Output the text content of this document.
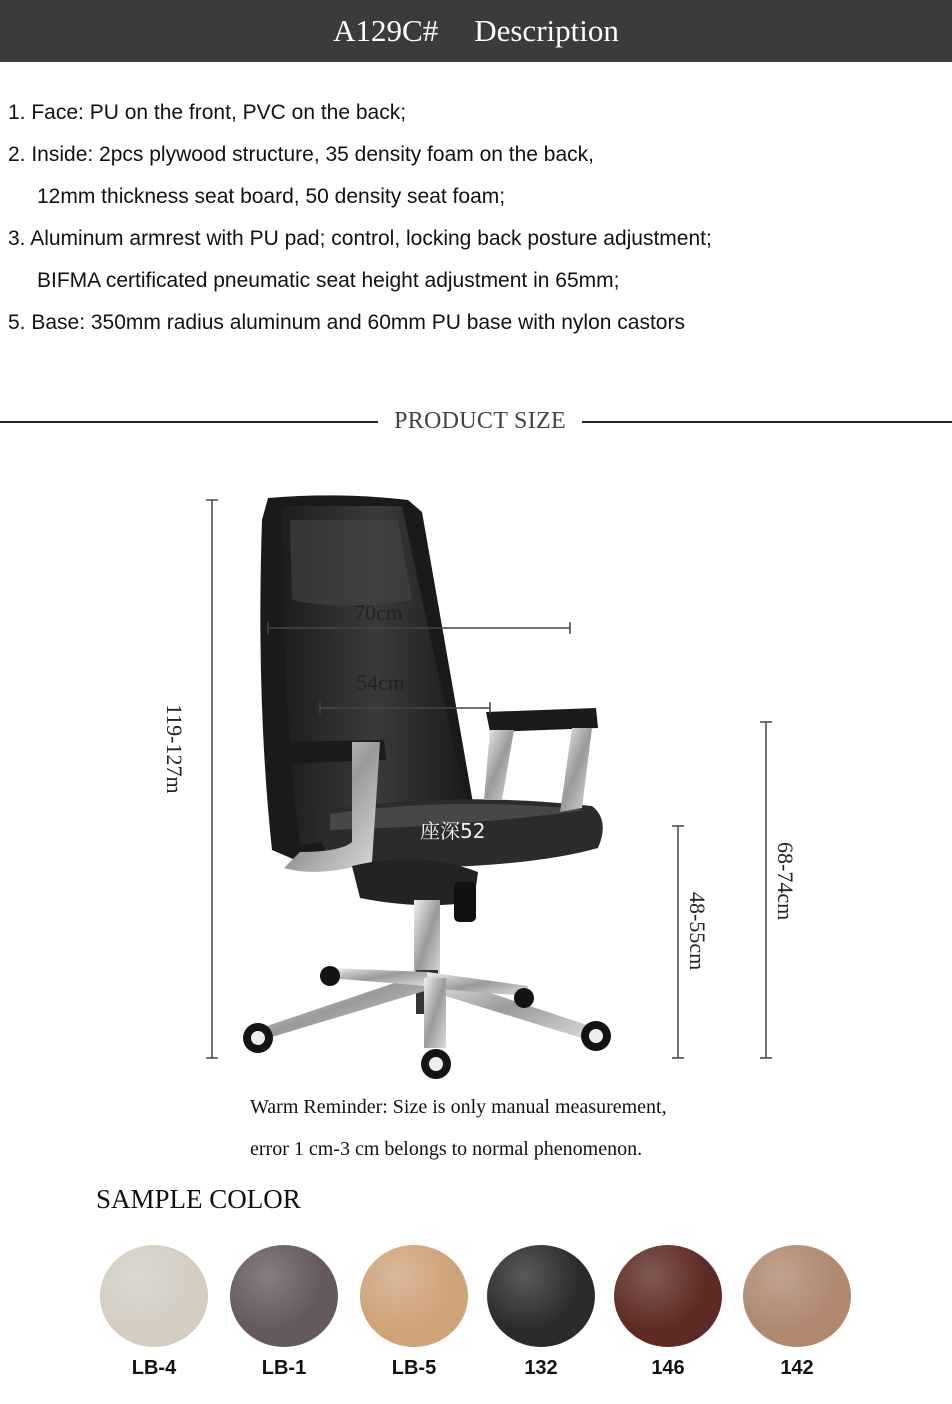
A129C# Description
1. Face: PU on the front, PVC on the back;
2. Inside: 2pcs plywood structure, 35 density foam on the back,
12mm thickness seat board, 50 density seat foam;
3. Aluminum armrest with PU pad; control, locking back posture adjustment;
BIFMA certificated pneumatic seat height adjustment in 65mm;
5. Base: 350mm radius aluminum and 60mm PU base with nylon castors
PRODUCT SIZE
119-127m
70cm
54cm
座深52
48-55cm
68-74cm
Warm Reminder: Size is only manual measurement,
error 1 cm-3 cm belongs to normal phenomenon.
SAMPLE COLOR
LB-4	LB-1	LB-5	132	146	142
